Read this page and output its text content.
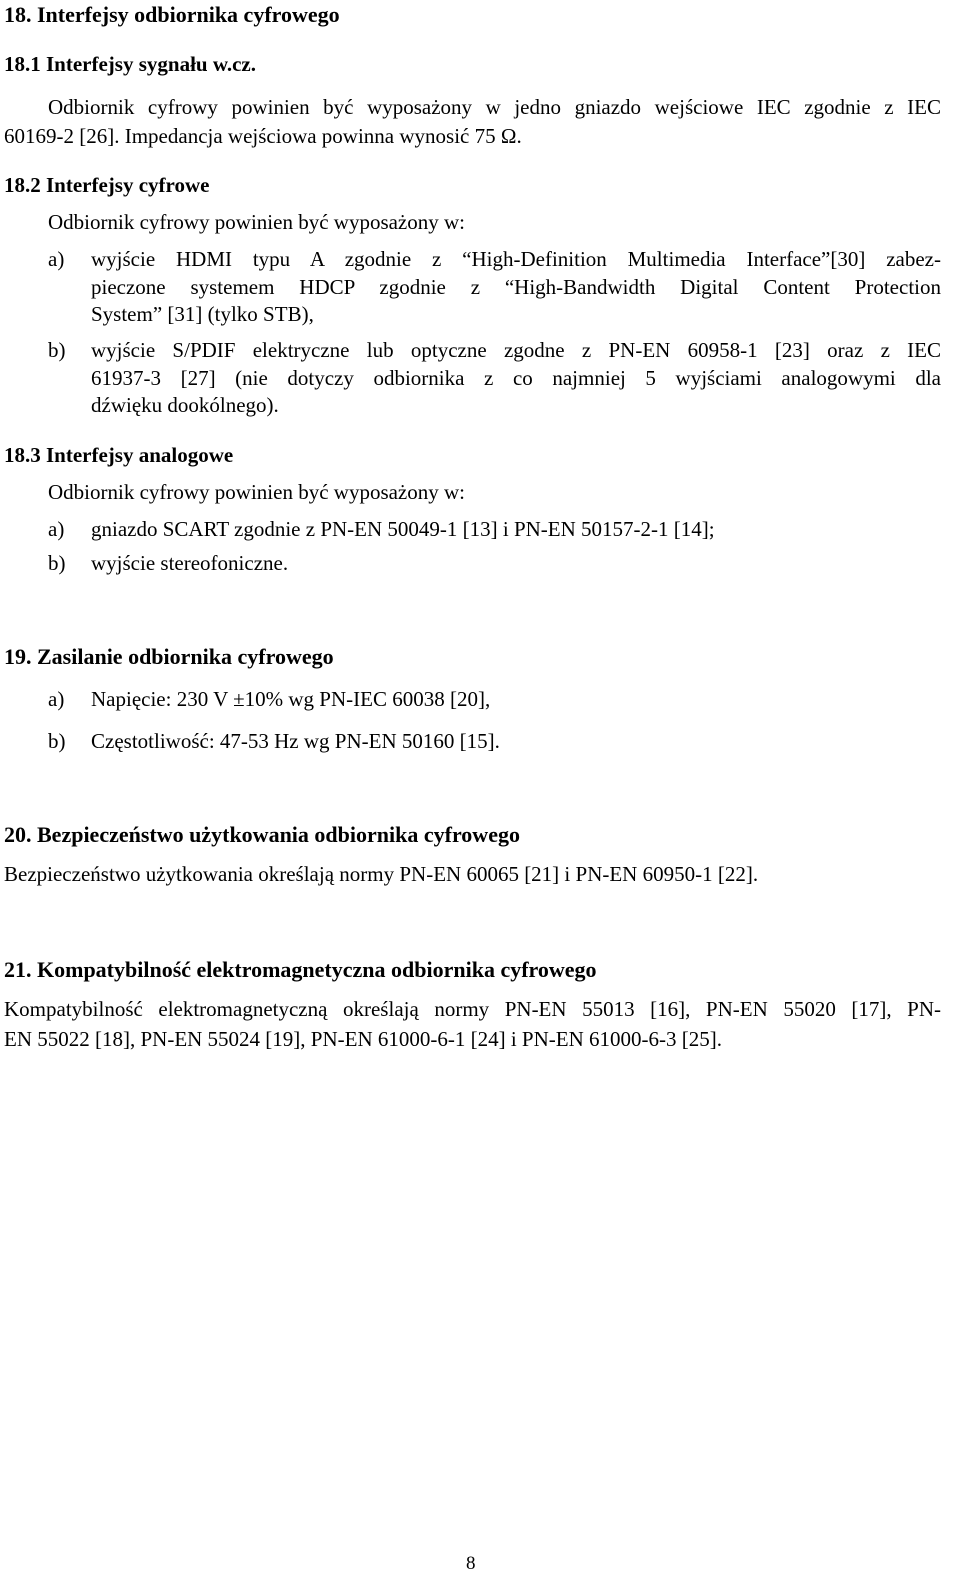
18. Interfejsy odbiornika cyfrowego
18.1 Interfejsy sygnału w.cz.
Odbiornik cyfrowy powinien być wyposażony w jedno gniazdo wejściowe IEC zgodnie z IEC
60169-2 [26]. Impedancja wejściowa powinna wynosić 75 Ω.
18.2 Interfejsy cyfrowe
Odbiornik cyfrowy powinien być wyposażony w:
a) wyjście HDMI typu A zgodnie z “High-Definition Multimedia Interface”[30] zabez-
pieczone systemem HDCP zgodnie z “High-Bandwidth Digital Content Protection
System” [31] (tylko STB),
b) wyjście S/PDIF elektryczne lub optyczne zgodne z PN-EN 60958-1 [23] oraz z IEC
61937-3 [27] (nie dotyczy odbiornika z co najmniej 5 wyjściami analogowymi dla
dźwięku dookólnego).
18.3 Interfejsy analogowe
Odbiornik cyfrowy powinien być wyposażony w:
a) gniazdo SCART zgodnie z PN-EN 50049-1 [13] i PN-EN 50157-2-1 [14];
b) wyjście stereofoniczne.
19. Zasilanie odbiornika cyfrowego
a) Napięcie: 230 V ±10% wg PN-IEC 60038 [20],
b) Częstotliwość: 47-53 Hz wg PN-EN 50160 [15].
20. Bezpieczeństwo użytkowania odbiornika cyfrowego
Bezpieczeństwo użytkowania określają normy PN-EN 60065 [21] i PN-EN 60950-1 [22].
21. Kompatybilność elektromagnetyczna odbiornika cyfrowego
Kompatybilność elektromagnetyczną określają normy PN-EN 55013 [16], PN-EN 55020 [17], PN-
EN 55022 [18], PN-EN 55024 [19], PN-EN 61000-6-1 [24] i PN-EN 61000-6-3 [25].
8
